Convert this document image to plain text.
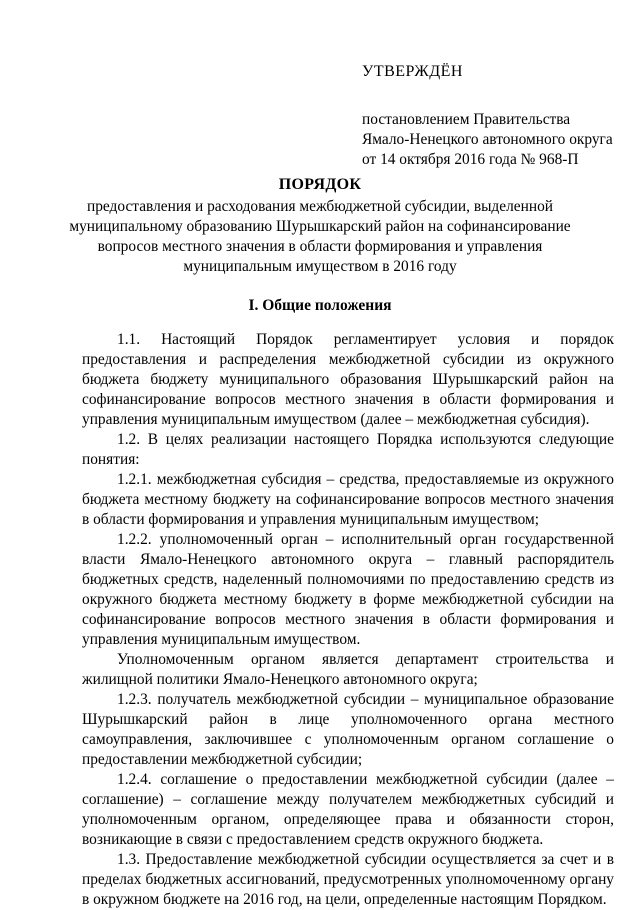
УТВЕРЖДЁН
постановлением Правительства
Ямало-Ненецкого автономного округа
от 14 октября 2016 года № 968-П
ПОРЯДОК
предоставления и расходования межбюджетной субсидии, выделенной
муниципальному образованию Шурышкарский район на софинансирование
вопросов местного значения в области формирования и управления
муниципальным имуществом в 2016 году
I. Общие положения

1.1. Настоящий Порядок регламентирует условия и порядок предоставления и распределения межбюджетной субсидии из окружного бюджета бюджету муниципального образования Шурышкарский район на софинансирование вопросов местного значения в области формирования и управления муниципальным имуществом (далее – межбюджетная субсидия).

1.2. В целях реализации настоящего Порядка используются следующие понятия:

1.2.1. межбюджетная субсидия – средства, предоставляемые из окружного бюджета местному бюджету на софинансирование вопросов местного значения в области формирования и управления муниципальным имуществом;

1.2.2. уполномоченный орган – исполнительный орган государственной власти Ямало-Ненецкого автономного округа – главный распорядитель бюджетных средств, наделенный полномочиями по предоставлению средств из окружного бюджета местному бюджету в форме межбюджетной субсидии на софинансирование вопросов местного значения в области формирования и управления муниципальным имуществом.

Уполномоченным органом является департамент строительства и жилищной политики Ямало-Ненецкого автономного округа;

1.2.3. получатель межбюджетной субсидии – муниципальное образование Шурышкарский район в лице уполномоченного органа местного самоуправления, заключившее с уполномоченным органом соглашение о предоставлении межбюджетной субсидии;

1.2.4. соглашение о предоставлении межбюджетной субсидии (далее – соглашение) – соглашение между получателем межбюджетных субсидий и уполномоченным органом, определяющее права и обязанности сторон, возникающие в связи с предоставлением средств окружного бюджета.

1.3. Предоставление межбюджетной субсидии осуществляется за счет и в пределах бюджетных ассигнований, предусмотренных уполномоченному органу в окружном бюджете на 2016 год, на цели, определенные настоящим Порядком.
